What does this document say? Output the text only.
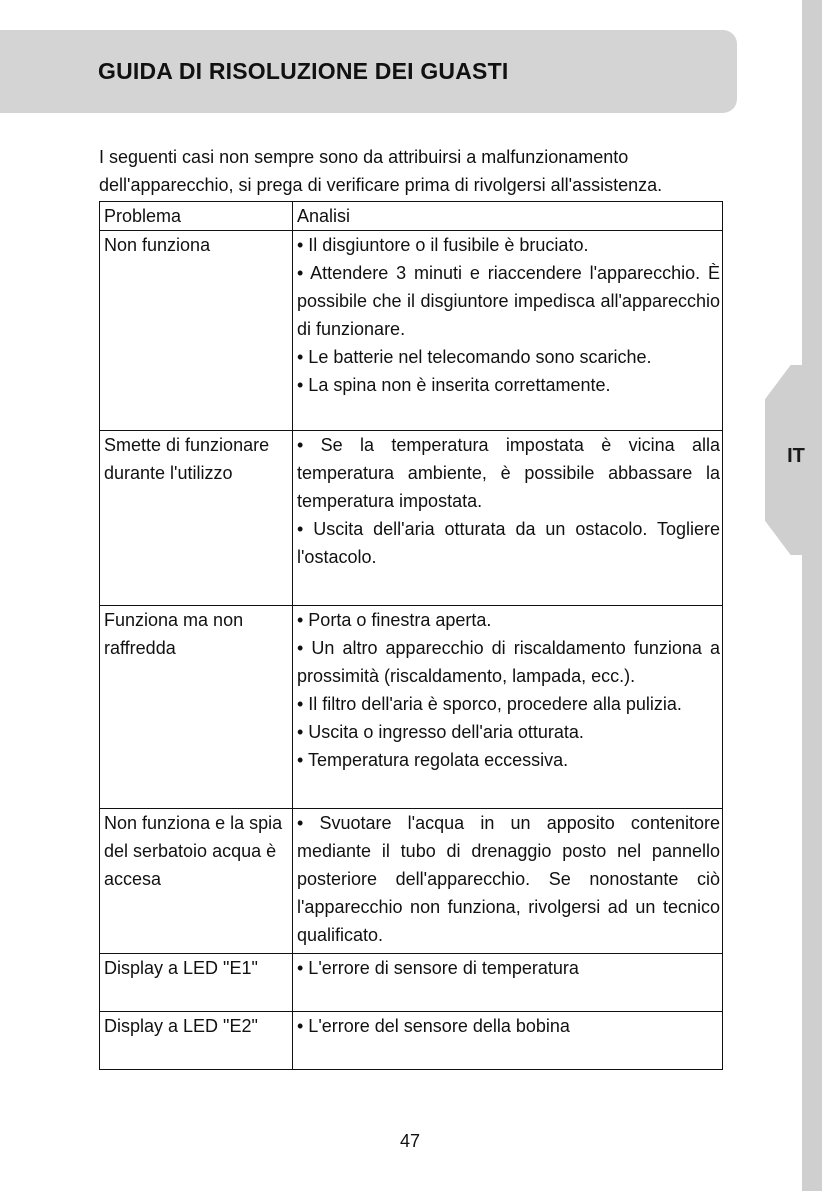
IT
GUIDA DI RISOLUZIONE DEI GUASTI
I seguenti casi non sempre sono da attribuirsi a malfunzionamento dell'apparecchio, si prega di verificare prima di rivolgersi all'assistenza.
Problema	Analisi
Non funziona	• Il disgiuntore o il fusibile è bruciato.
• Attendere 3 minuti e riaccendere l'apparecchio. È possibile che il disgiuntore impedisca all'apparecchio di funzionare.
• Le batterie nel telecomando sono scariche.
• La spina non è inserita correttamente.

Smette di funzionare durante l'utilizzo	• Se la temperatura impostata è vicina alla temperatura ambiente, è possibile abbassare la temperatura impostata.
• Uscita dell'aria otturata da un ostacolo. Togliere l'ostacolo.

Funziona ma non raffredda	• Porta o finestra aperta.
• Un altro apparecchio di riscaldamento funziona a prossimità (riscaldamento, lampada, ecc.).
• Il filtro dell'aria è sporco, procedere alla pulizia.
• Uscita o ingresso dell'aria otturata.
• Temperatura regolata eccessiva.

Non funziona e la spia del serbatoio acqua è accesa	• Svuotare l'acqua in un apposito contenitore mediante il tubo di drenaggio posto nel pannello posteriore dell'apparecchio. Se nonostante ciò l'apparecchio non funziona, rivolgersi ad un tecnico qualificato.

Display a LED "E1"	• L'errore di sensore di temperatura

Display a LED "E2"	• L'errore del sensore della bobina
47
